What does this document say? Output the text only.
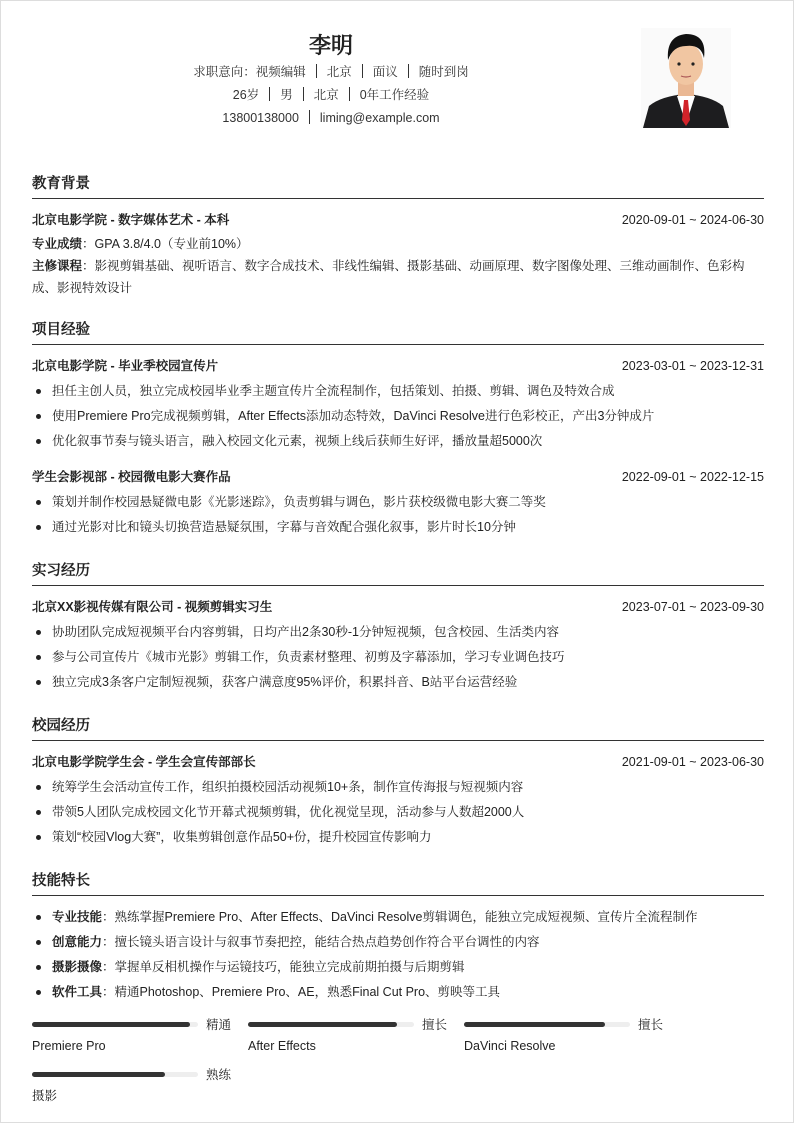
李明
求职意向：视频编辑 北京 面议 随时到岗
26岁 男 北京 0年工作经验
13800138000 liming@example.com
教育背景
北京电影学院 - 数字媒体艺术 - 本科	2020-09-01 ~ 2024-06-30
专业成绩：GPA 3.8/4.0（专业前10%）
主修课程：影视剪辑基础、视听语言、数字合成技术、非线性编辑、摄影基础、动画原理、数字图像处理、三维动画制作、色彩构成、影视特效设计
项目经验
北京电影学院 - 毕业季校园宣传片	2023-03-01 ~ 2023-12-31
担任主创人员，独立完成校园毕业季主题宣传片全流程制作，包括策划、拍摄、剪辑、调色及特效合成
使用Premiere Pro完成视频剪辑，After Effects添加动态特效，DaVinci Resolve进行色彩校正，产出3分钟成片
优化叙事节奏与镜头语言，融入校园文化元素，视频上线后获师生好评，播放量超5000次
学生会影视部 - 校园微电影大赛作品	2022-09-01 ~ 2022-12-15
策划并制作校园悬疑微电影《光影迷踪》，负责剪辑与调色，影片获校级微电影大赛二等奖
通过光影对比和镜头切换营造悬疑氛围，字幕与音效配合强化叙事，影片时长10分钟
实习经历
北京XX影视传媒有限公司 - 视频剪辑实习生	2023-07-01 ~ 2023-09-30
协助团队完成短视频平台内容剪辑，日均产出2条30秒-1分钟短视频，包含校园、生活类内容
参与公司宣传片《城市光影》剪辑工作，负责素材整理、初剪及字幕添加，学习专业调色技巧
独立完成3条客户定制短视频，获客户满意度95%评价，积累抖音、B站平台运营经验
校园经历
北京电影学院学生会 - 学生会宣传部部长	2021-09-01 ~ 2023-06-30
统筹学生会活动宣传工作，组织拍摄校园活动视频10+条，制作宣传海报与短视频内容
带领5人团队完成校园文化节开幕式视频剪辑，优化视觉呈现，活动参与人数超2000人
策划“校园Vlog大赛”，收集剪辑创意作品50+份，提升校园宣传影响力
技能特长
专业技能：熟练掌握Premiere Pro、After Effects、DaVinci Resolve剪辑调色，能独立完成短视频、宣传片全流程制作
创意能力：擅长镜头语言设计与叙事节奏把控，能结合热点趋势创作符合平台调性的内容
摄影摄像：掌握单反相机操作与运镜技巧，能独立完成前期拍摄与后期剪辑
软件工具：精通Photoshop、Premiere Pro、AE，熟悉Final Cut Pro、剪映等工具
精通
Premiere Pro
擅长
After Effects
擅长
DaVinci Resolve
熟练
摄影
